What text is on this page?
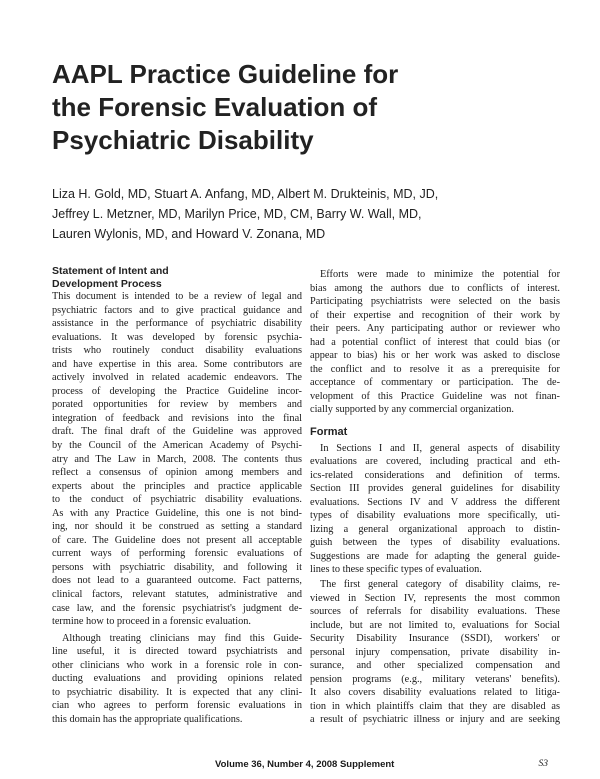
AAPL Practice Guideline for
the Forensic Evaluation of
Psychiatric Disability
Liza H. Gold, MD, Stuart A. Anfang, MD, Albert M. Drukteinis, MD, JD,
Jeffrey L. Metzner, MD, Marilyn Price, MD, CM, Barry W. Wall, MD,
Lauren Wylonis, MD, and Howard V. Zonana, MD
Statement of Intent and
Development Process
This document is intended to be a review of legal and
psychiatric factors and to give practical guidance and
assistance in the performance of psychiatric disability
evaluations. It was developed by forensic psychia-
trists who routinely conduct disability evaluations
and have expertise in this area. Some contributors are
actively involved in related academic endeavors. The
process of developing the Practice Guideline incor-
porated opportunities for review by members and
integration of feedback and revisions into the final
draft. The final draft of the Guideline was approved
by the Council of the American Academy of Psychi-
atry and The Law in March, 2008. The contents thus
reflect a consensus of opinion among members and
experts about the principles and practice applicable
to the conduct of psychiatric disability evaluations.
As with any Practice Guideline, this one is not bind-
ing, nor should it be construed as setting a standard
of care. The Guideline does not present all acceptable
current ways of performing forensic evaluations of
persons with psychiatric disability, and following it
does not lead to a guaranteed outcome. Fact patterns,
clinical factors, relevant statutes, administrative and
case law, and the forensic psychiatrist's judgment de-
termine how to proceed in a forensic evaluation.
Although treating clinicians may find this Guide-
line useful, it is directed toward psychiatrists and
other clinicians who work in a forensic role in con-
ducting evaluations and providing opinions related
to psychiatric disability. It is expected that any clini-
cian who agrees to perform forensic evaluations in
this domain has the appropriate qualifications.
Efforts were made to minimize the potential for
bias among the authors due to conflicts of interest.
Participating psychiatrists were selected on the basis
of their expertise and recognition of their work by
their peers. Any participating author or reviewer who
had a potential conflict of interest that could bias (or
appear to bias) his or her work was asked to disclose
the conflict and to resolve it as a prerequisite for
acceptance of commentary or participation. The de-
velopment of this Practice Guideline was not finan-
cially supported by any commercial organization.
Format
In Sections I and II, general aspects of disability
evaluations are covered, including practical and eth-
ics-related considerations and definition of terms.
Section III provides general guidelines for disability
evaluations. Sections IV and V address the different
types of disability evaluations more specifically, uti-
lizing a general organizational approach to distin-
guish between the types of disability evaluations.
Suggestions are made for adapting the general guide-
lines to these specific types of evaluation.
The first general category of disability claims, re-
viewed in Section IV, represents the most common
sources of referrals for disability evaluations. These
include, but are not limited to, evaluations for Social
Security Disability Insurance (SSDI), workers' or
personal injury compensation, private disability in-
surance, and other specialized compensation and
pension programs (e.g., military veterans' benefits).
It also covers disability evaluations related to litiga-
tion in which plaintiffs claim that they are disabled as
a result of psychiatric illness or injury and are seeking
Volume 36, Number 4, 2008 Supplement	S3
